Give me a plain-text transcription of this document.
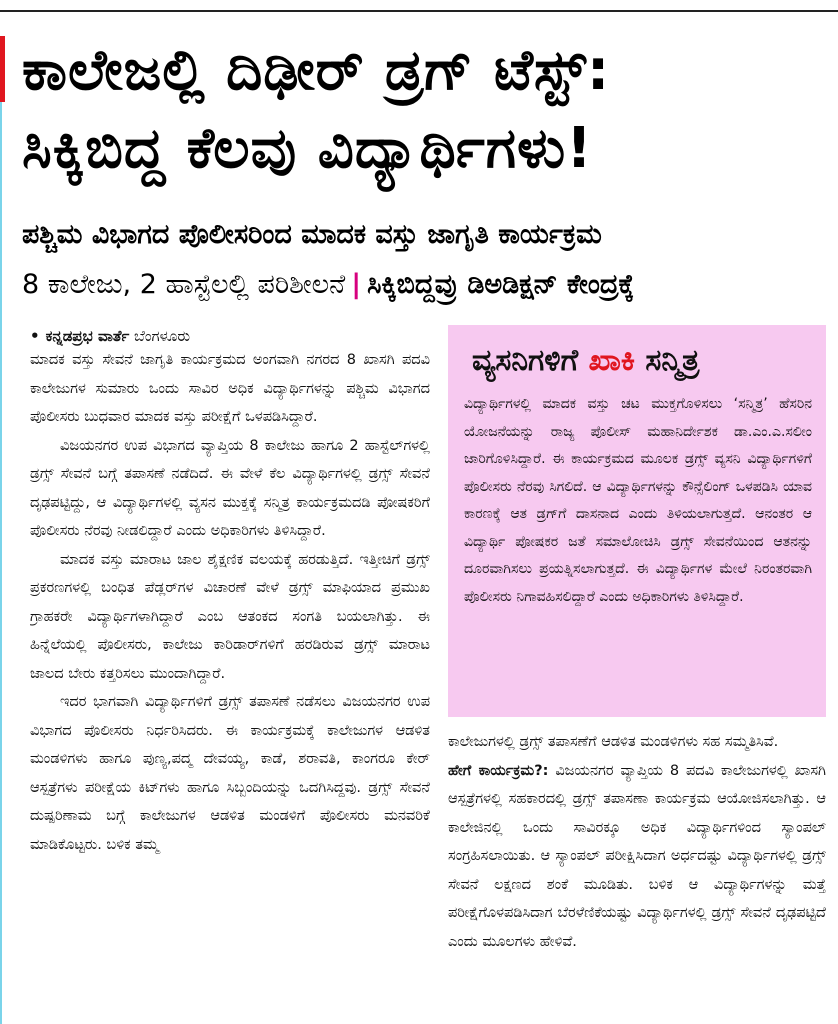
ಕಾಲೇಜಲ್ಲಿ ದಿಢೀರ್ ಡ್ರಗ್ ಟೆಸ್ಟ್:
ಸಿಕ್ಕಿಬಿದ್ದ ಕೆಲವು ವಿದ್ಯಾರ್ಥಿಗಳು!
ಪಶ್ಚಿಮ ವಿಭಾಗದ ಪೊಲೀಸರಿಂದ ಮಾದಕ ವಸ್ತು ಜಾಗೃತಿ ಕಾರ್ಯಕ್ರಮ
8 ಕಾಲೇಜು, 2 ಹಾಸ್ಟೆಲಲ್ಲಿ ಪರಿಶೀಲನೆ | ಸಿಕ್ಕಿಬಿದ್ದವ್ರು ಡಿಅಡಿಕ್ಷನ್ ಕೇಂದ್ರಕ್ಕೆ
• ಕನ್ನಡಪ್ರಭ ವಾರ್ತೆ ಬೆಂಗಳೂರು

ಮಾದಕ ವಸ್ತು ಸೇವನೆ ಜಾಗೃತಿ ಕಾರ್ಯಕ್ರಮದ ಅಂಗವಾಗಿ ನಗರದ 8 ಖಾಸಗಿ ಪದವಿ ಕಾಲೇಜುಗಳ ಸುಮಾರು ಒಂದು ಸಾವಿರ ಅಧಿಕ ವಿದ್ಯಾರ್ಥಿಗಳನ್ನು ಪಶ್ಚಿಮ ವಿಭಾಗದ ಪೊಲೀಸರು ಬುಧವಾರ ಮಾದಕ ವಸ್ತು ಪರೀಕ್ಷೆಗೆ ಒಳಪಡಿಸಿದ್ದಾರೆ.

ವಿಜಯನಗರ ಉಪ ವಿಭಾಗದ ವ್ಯಾಪ್ತಿಯ 8 ಕಾಲೇಜು ಹಾಗೂ 2 ಹಾಸ್ಟೆಲ್‌ಗಳಲ್ಲಿ ಡ್ರಗ್ಸ್ ಸೇವನೆ ಬಗ್ಗೆ ತಪಾಸಣೆ ನಡೆದಿದೆ. ಈ ವೇಳೆ ಕೆಲ ವಿದ್ಯಾರ್ಥಿಗಳಲ್ಲಿ ಡ್ರಗ್ಸ್ ಸೇವನೆ ದೃಢಪಟ್ಟಿದ್ದು, ಆ ವಿದ್ಯಾರ್ಥಿಗಳಲ್ಲಿ ವ್ಯಸನ ಮುಕ್ತಕ್ಕೆ ಸನ್ಮಿತ್ರ ಕಾರ್ಯಕ್ರಮದಡಿ ಪೋಷಕರಿಗೆ ಪೊಲೀಸರು ನೆರವು ನೀಡಲಿದ್ದಾರೆ ಎಂದು ಅಧಿಕಾರಿಗಳು ತಿಳಿಸಿದ್ದಾರೆ.

ಮಾದಕ ವಸ್ತು ಮಾರಾಟ ಜಾಲ ಶೈಕ್ಷಣಿಕ ವಲಯಕ್ಕೆ ಹರಡುತ್ತಿದೆ. ಇತ್ತೀಚಿಗೆ ಡ್ರಗ್ಸ್ ಪ್ರಕರಣಗಳಲ್ಲಿ ಬಂಧಿತ ಪೆಡ್ಲರ್‌ಗಳ ವಿಚಾರಣೆ ವೇಳೆ ಡ್ರಗ್ಸ್ ಮಾಫಿಯಾದ ಪ್ರಮುಖ ಗ್ರಾಹಕರೇ ವಿದ್ಯಾರ್ಥಿಗಳಾಗಿದ್ದಾರೆ ಎಂಬ ಆತಂಕದ ಸಂಗತಿ ಬಯಲಾಗಿತ್ತು. ಈ ಹಿನ್ನೆಲೆಯಲ್ಲಿ ಪೊಲೀಸರು, ಕಾಲೇಜು ಕಾರಿಡಾರ್‌ಗಳಿಗೆ ಹರಡಿರುವ ಡ್ರಗ್ಸ್ ಮಾರಾಟ ಜಾಲದ ಬೇರು ಕತ್ತರಿಸಲು ಮುಂದಾಗಿದ್ದಾರೆ.

ಇದರ ಭಾಗವಾಗಿ ವಿದ್ಯಾರ್ಥಿಗಳಿಗೆ ಡ್ರಗ್ಸ್ ತಪಾಸಣೆ ನಡೆಸಲು ವಿಜಯನಗರ ಉಪ ವಿಭಾಗದ ಪೊಲೀಸರು ನಿರ್ಧರಿಸಿದರು. ಈ ಕಾರ್ಯಕ್ರಮಕ್ಕೆ ಕಾಲೇಜುಗಳ ಆಡಳಿತ ಮಂಡಳಿಗಳು ಹಾಗೂ ಪುಣ್ಯ,ಪದ್ಮ ದೇವಯ್ಯ, ಕಾಡೆ, ಶರಾವತಿ, ಕಾಂಗರೂ ಕೇರ್ ಆಸ್ಪತ್ರೆಗಳು ಪರೀಕ್ಷೆಯ ಕಿಟ್‌ಗಳು ಹಾಗೂ ಸಿಬ್ಬಂದಿಯನ್ನು ಒದಗಿಸಿದ್ದವು. ಡ್ರಗ್ಸ್ ಸೇವನೆ ದುಷ್ಪರಿಣಾಮ ಬಗ್ಗೆ ಕಾಲೇಜುಗಳ ಆಡಳಿತ ಮಂಡಳಿಗೆ ಪೊಲೀಸರು ಮನವರಿಕೆ ಮಾಡಿಕೊಟ್ಟರು. ಬಳಿಕ ತಮ್ಮ

ವ್ಯಸನಿಗಳಿಗೆ ಖಾಕಿ ಸನ್ಮಿತ್ರ
ವಿದ್ಯಾರ್ಥಿಗಳಲ್ಲಿ ಮಾದಕ ವಸ್ತು ಚಟ ಮುಕ್ತಗೊಳಿಸಲು ‘ಸನ್ಮಿತ್ರ’ ಹೆಸರಿನ ಯೋಜನೆಯನ್ನು ರಾಜ್ಯ ಪೊಲೀಸ್ ಮಹಾನಿರ್ದೇಶಕ ಡಾ.ಎಂ.ಎ.ಸಲೀಂ ಜಾರಿಗೊಳಿಸಿದ್ದಾರೆ. ಈ ಕಾರ್ಯಕ್ರಮದ ಮೂಲಕ ಡ್ರಗ್ಸ್ ವ್ಯಸನಿ ವಿದ್ಯಾರ್ಥಿಗಳಿಗೆ ಪೊಲೀಸರು ನೆರವು ಸಿಗಲಿದೆ. ಆ ವಿದ್ಯಾರ್ಥಿಗಳನ್ನು ಕೌನ್ಸೆಲಿಂಗ್ ಒಳಪಡಿಸಿ ಯಾವ ಕಾರಣಕ್ಕೆ ಆತ ಡ್ರಗ್‌ಗೆ ದಾಸನಾದ ಎಂದು ತಿಳಿಯಲಾಗುತ್ತದೆ. ಆನಂತರ ಆ ವಿದ್ಯಾರ್ಥಿ ಪೋಷಕರ ಜತೆ ಸಮಾಲೋಚಿಸಿ ಡ್ರಗ್ಸ್ ಸೇವನೆಯಿಂದ ಆತನನ್ನು ದೂರವಾಗಿಸಲು ಪ್ರಯತ್ನಿಸಲಾಗುತ್ತದೆ. ಈ ವಿದ್ಯಾರ್ಥಿಗಳ ಮೇಲೆ ನಿರಂತರವಾಗಿ ಪೊಲೀಸರು ನಿಗಾವಹಿಸಲಿದ್ದಾರೆ ಎಂದು ಅಧಿಕಾರಿಗಳು ತಿಳಿಸಿದ್ದಾರೆ.

ಕಾಲೇಜುಗಳಲ್ಲಿ ಡ್ರಗ್ಸ್ ತಪಾಸಣೆಗೆ ಆಡಳಿತ ಮಂಡಳಿಗಳು ಸಹ ಸಮ್ಮತಿಸಿವೆ.

ಹೇಗೆ ಕಾರ್ಯಕ್ರಮ?: ವಿಜಯನಗರ ವ್ಯಾಪ್ತಿಯ 8 ಪದವಿ ಕಾಲೇಜುಗಳಲ್ಲಿ ಖಾಸಗಿ ಆಸ್ಪತ್ರೆಗಳಲ್ಲಿ ಸಹಕಾರದಲ್ಲಿ ಡ್ರಗ್ಸ್ ತಪಾಸಣಾ ಕಾರ್ಯಕ್ರಮ ಆಯೋಜಿಸಲಾಗಿತ್ತು. ಆ ಕಾಲೇಜಿನಲ್ಲಿ ಒಂದು ಸಾವಿರಕ್ಕೂ ಅಧಿಕ ವಿದ್ಯಾರ್ಥಿಗಳಿಂದ ಸ್ಯಾಂಪಲ್ ಸಂಗ್ರಹಿಸಲಾಯಿತು. ಆ ಸ್ಯಾಂಪಲ್ ಪರೀಕ್ಷಿಸಿದಾಗ ಅರ್ಧದಷ್ಟು ವಿದ್ಯಾರ್ಥಿಗಳಲ್ಲಿ ಡ್ರಗ್ಸ್ ಸೇವನೆ ಲಕ್ಷಣದ ಶಂಕೆ ಮೂಡಿತು. ಬಳಿಕ ಆ ವಿದ್ಯಾರ್ಥಿಗಳನ್ನು ಮತ್ತೆ ಪರೀಕ್ಷೆಗೊಳಪಡಿಸಿದಾಗ ಬೆರಳೆಣಿಕೆಯಷ್ಟು ವಿದ್ಯಾರ್ಥಿಗಳಲ್ಲಿ ಡ್ರಗ್ಸ್ ಸೇವನೆ ದೃಢಪಟ್ಟಿದೆ ಎಂದು ಮೂಲಗಳು ಹೇಳಿವೆ.
